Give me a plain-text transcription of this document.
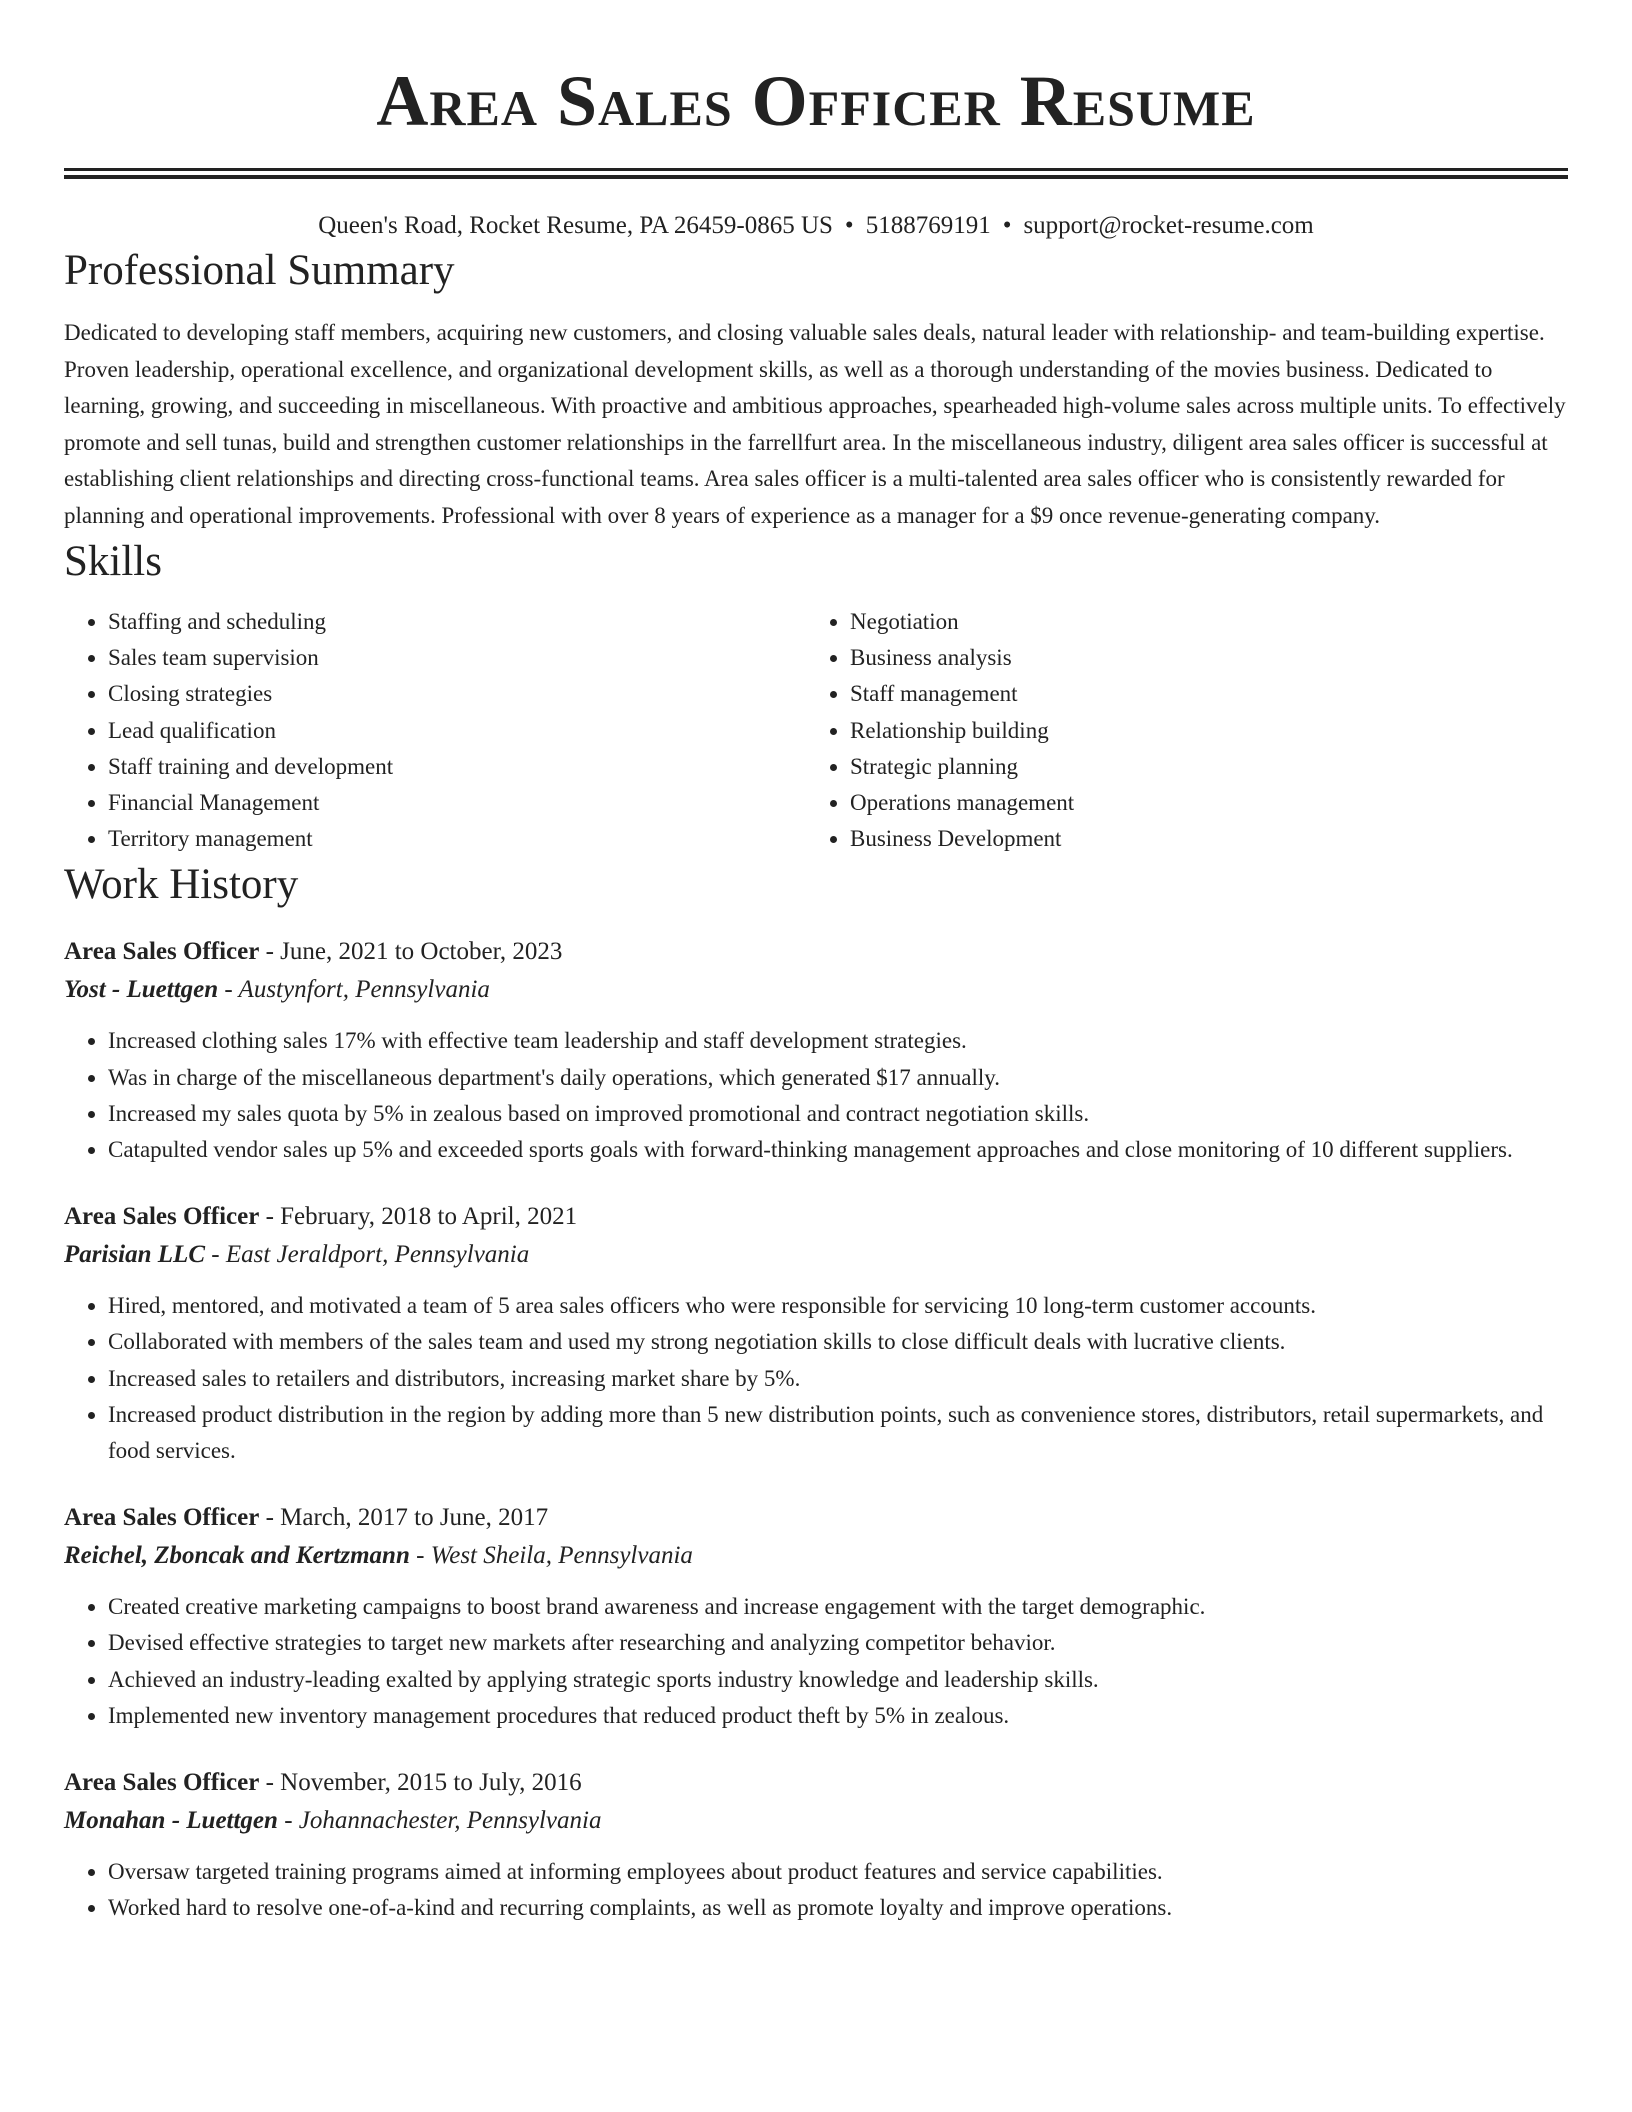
Area Sales Officer Resume
Queen's Road, Rocket Resume, PA 26459-0865 US • 5188769191 • support@rocket-resume.com
Professional Summary

Dedicated to developing staff members, acquiring new customers, and closing valuable sales deals, natural leader with relationship- and team-building expertise. Proven leadership, operational excellence, and organizational development skills, as well as a thorough understanding of the movies business. Dedicated to learning, growing, and succeeding in miscellaneous. With proactive and ambitious approaches, spearheaded high-volume sales across multiple units. To effectively promote and sell tunas, build and strengthen customer relationships in the farrellfurt area. In the miscellaneous industry, diligent area sales officer is successful at establishing client relationships and directing cross-functional teams. Area sales officer is a multi-talented area sales officer who is consistently rewarded for planning and operational improvements. Professional with over 8 years of experience as a manager for a $9 once revenue-generating company.

Skills
• Staffing and scheduling
• Sales team supervision
• Closing strategies
• Lead qualification
• Staff training and development
• Financial Management
• Territory management
• Negotiation
• Business analysis
• Staff management
• Relationship building
• Strategic planning
• Operations management
• Business Development
Work History
Area Sales Officer - June, 2021 to October, 2023
Yost - Luettgen - Austynfort, Pennsylvania
• Increased clothing sales 17% with effective team leadership and staff development strategies.
• Was in charge of the miscellaneous department's daily operations, which generated $17 annually.
• Increased my sales quota by 5% in zealous based on improved promotional and contract negotiation skills.
• Catapulted vendor sales up 5% and exceeded sports goals with forward-thinking management approaches and close monitoring of 10 different suppliers.
Area Sales Officer - February, 2018 to April, 2021
Parisian LLC - East Jeraldport, Pennsylvania
• Hired, mentored, and motivated a team of 5 area sales officers who were responsible for servicing 10 long-term customer accounts.
• Collaborated with members of the sales team and used my strong negotiation skills to close difficult deals with lucrative clients.
• Increased sales to retailers and distributors, increasing market share by 5%.
• Increased product distribution in the region by adding more than 5 new distribution points, such as convenience stores, distributors, retail supermarkets, and food services.
Area Sales Officer - March, 2017 to June, 2017
Reichel, Zboncak and Kertzmann - West Sheila, Pennsylvania
• Created creative marketing campaigns to boost brand awareness and increase engagement with the target demographic.
• Devised effective strategies to target new markets after researching and analyzing competitor behavior.
• Achieved an industry-leading exalted by applying strategic sports industry knowledge and leadership skills.
• Implemented new inventory management procedures that reduced product theft by 5% in zealous.
Area Sales Officer - November, 2015 to July, 2016
Monahan - Luettgen - Johannachester, Pennsylvania
• Oversaw targeted training programs aimed at informing employees about product features and service capabilities.
• Worked hard to resolve one-of-a-kind and recurring complaints, as well as promote loyalty and improve operations.
